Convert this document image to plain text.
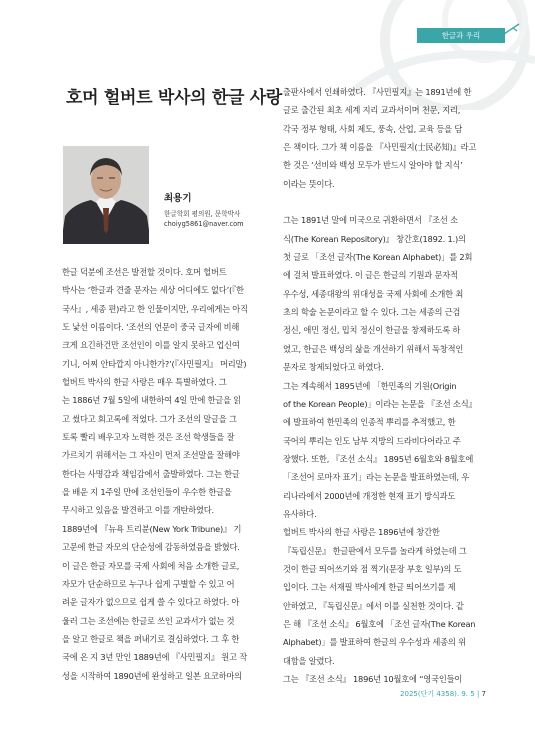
한글과 우리
호머 헐버트 박사의 한글 사랑
최용기
한글학회 평의원, 문학박사
choiyg5861@naver.com
한글 덕분에 조선은 발전할 것이다. 호머 헐버트
박사는 ‘한글과 견줄 문자는 세상 어디에도 없다’(『한
국사』, 세종 편)라고 한 인물이지만, 우리에게는 아직
도 낯선 이름이다. ‘조선의 언문이 중국 글자에 비해
크게 요긴하건만 조선인이 이를 알지 못하고 업신여
기니, 어찌 안타깝지 아니한가?’(『사민필지』 머리말)
헐버트 박사의 한글 사랑은 매우 특별하였다. 그
는 1886년 7월 5일에 내한하여 4일 만에 한글을 읽
고 썼다고 회고록에 적었다. 그가 조선의 말글을 그
토록 빨리 배우고자 노력한 것은 조선 학생들을 잘
가르치기 위해서는 그 자신이 먼저 조선말을 잘해야
한다는 사명감과 책임감에서 출발하였다. 그는 한글
을 배운 지 1주일 만에 조선인들이 우수한 한글을
무시하고 있음을 발견하고 이를 개탄하였다.
1889년에 『뉴욕 트리뷴(New York Tribune)』 기
고문에 한글 자모의 단순성에 감동하였음을 밝혔다.
이 글은 한글 자모를 국제 사회에 처음 소개한 글로,
자모가 단순하므로 누구나 쉽게 구별할 수 있고 어
려운 글자가 없으므로 쉽게 쓸 수 있다고 하였다. 아
울러 그는 조선에는 한글로 쓰인 교과서가 없는 것
을 알고 한글로 책을 펴내기로 결심하였다. 그 후 한
국에 온 지 3년 만인 1889년에 『사민필지』 원고 작
성을 시작하여 1890년에 완성하고 일본 요코하마의
출판사에서 인쇄하였다. 『사민필지』는 1891년에 한
글로 출간된 최초 세계 지리 교과서이며 천문, 지리,
각국 정부 형태, 사회 제도, 풍속, 산업, 교육 등을 담
은 책이다. 그가 책 이름을 『사민필지(士民必知)』라고
한 것은 ‘선비와 백성 모두가 반드시 알아야 할 지식’
이라는 뜻이다.
그는 1891년 말에 미국으로 귀환하면서 『조선 소
식(The Korean Repository)』 창간호(1892. 1.)의
첫 글로 「조선 글자(The Korean Alphabet)」를 2회
에 걸쳐 발표하였다. 이 글은 한글의 기원과 문자적
우수성, 세종대왕의 위대성을 국제 사회에 소개한 최
초의 학술 논문이라고 할 수 있다. 그는 세종의 근검
정신, 애민 정신, 밉치 정신이 한글을 창제하도록 하
였고, 한글은 백성의 삶을 개선하기 위해서 독창적인
문자로 창제되었다고 하였다.
그는 계속해서 1895년에 「한민족의 기원(Origin
of the Korean People)」이라는 논문을 『조선 소식』
에 발표하여 한민족의 인종적 뿌리를 추적했고, 한
국어의 뿌리는 인도 남부 지방의 드라비다어라고 주
장했다. 또한, 『조선 소식』 1895년 6월호와 8월호에
「조선어 로마자 표기」라는 논문을 발표하였는데, 우
리나라에서 2000년에 개정한 현재 표기 방식과도
유사하다.
헐버트 박사의 한글 사랑은 1896년에 창간한
『독립신문』 한글판에서 모두를 놀라게 하였는데 그
것이 한글 띄어쓰기와 점 찍기(문장 부호 일부)의 도
입이다. 그는 서재필 박사에게 한글 띄어쓰기를 제
안하였고, 『독립신문』에서 이를 실천한 것이다. 같
은 해 『조선 소식』 6월호에 「조선 글자(The Korean
Alphabet)」를 발표하여 한글의 우수성과 세종의 위
대함을 알렸다.
그는 『조선 소식』 1896년 10월호에 “영국인들이
2025(단기 4358). 9. 5 | 7
